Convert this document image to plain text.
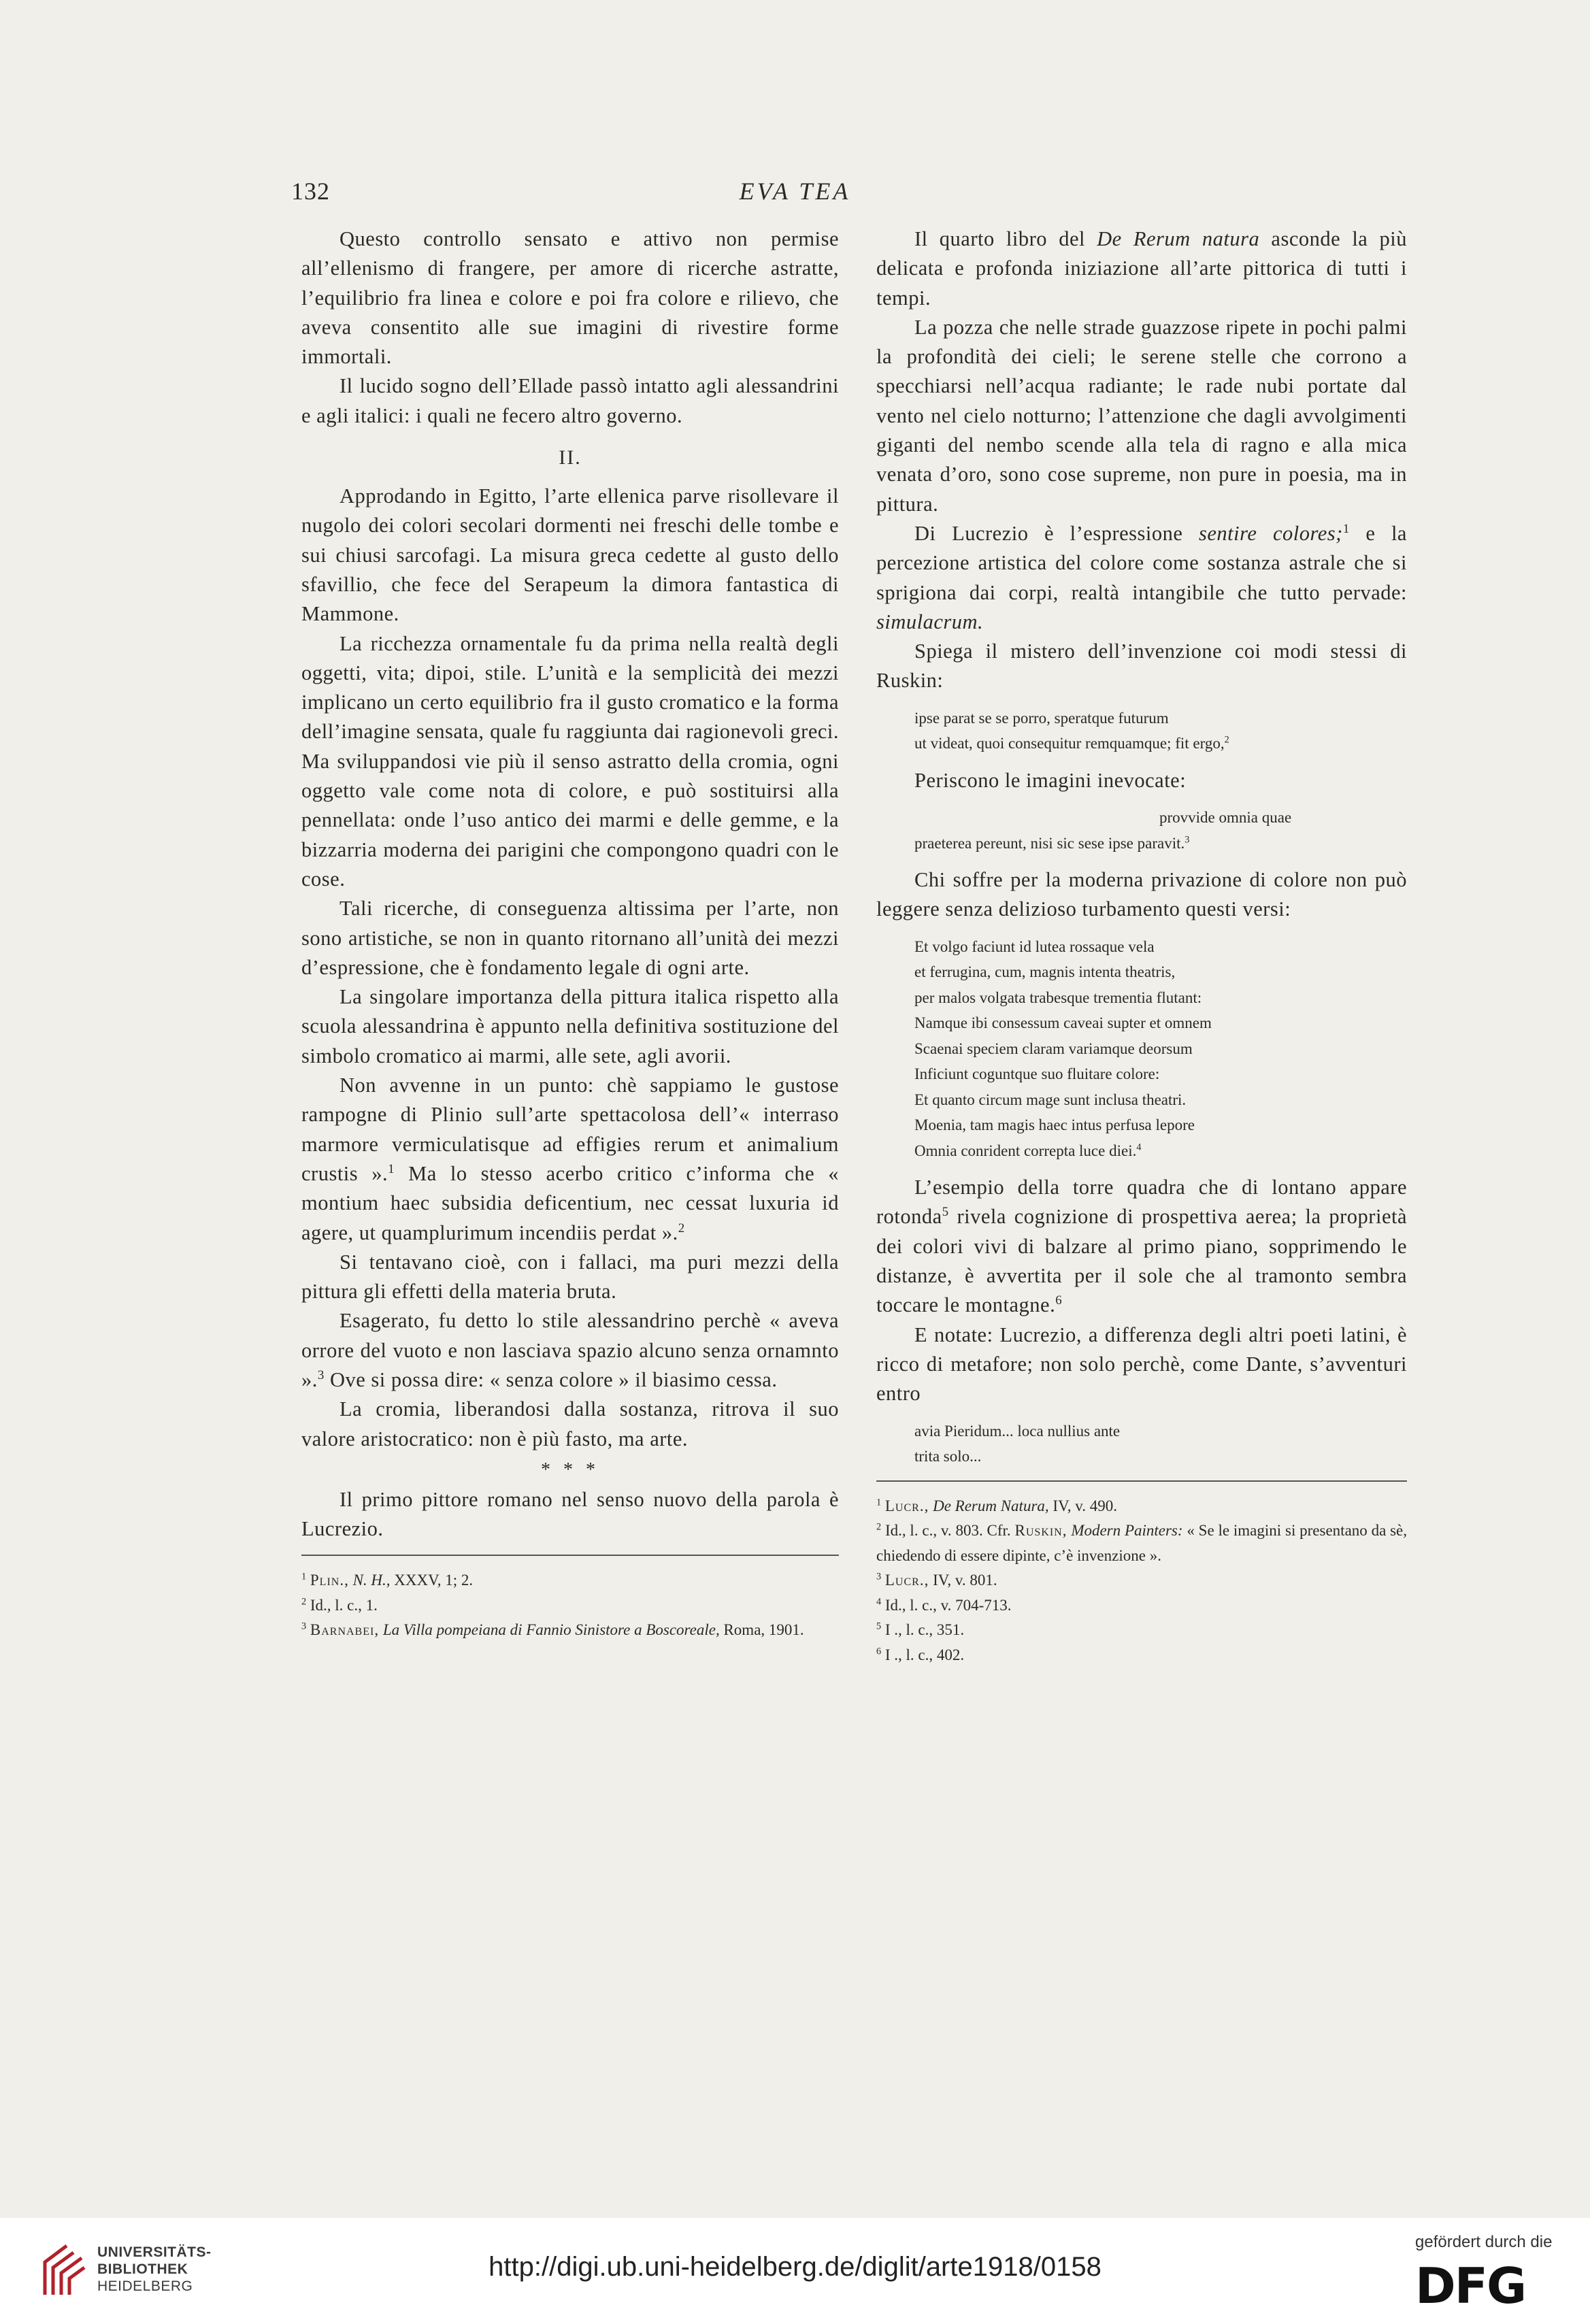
132	EVA TEA

Questo controllo sensato e attivo non permise all’ellenismo di frangere, per amore di ricerche astratte, l’equilibrio fra linea e colore e poi fra colore e rilievo, che aveva consentito alle sue imagini di rivestire forme immortali.

Il lucido sogno dell’Ellade passò intatto agli alessandrini e agli italici: i quali ne fecero altro governo.

II.

Approdando in Egitto, l’arte ellenica parve risollevare il nugolo dei colori secolari dormenti nei freschi delle tombe e sui chiusi sarcofagi. La misura greca cedette al gusto dello sfavillio, che fece del Serapeum la dimora fantastica di Mammone.

La ricchezza ornamentale fu da prima nella realtà degli oggetti, vita; dipoi, stile. L’unità e la semplicità dei mezzi implicano un certo equilibrio fra il gusto cromatico e la forma dell’imagine sensata, quale fu raggiunta dai ragionevoli greci. Ma sviluppandosi vie più il senso astratto della cromia, ogni oggetto vale come nota di colore, e può sostituirsi alla pennellata: onde l’uso antico dei marmi e delle gemme, e la bizzarria moderna dei parigini che compongono quadri con le cose.

Tali ricerche, di conseguenza altissima per l’arte, non sono artistiche, se non in quanto ritornano all’unità dei mezzi d’espressione, che è fondamento legale di ogni arte.

La singolare importanza della pittura italica rispetto alla scuola alessandrina è appunto nella definitiva sostituzione del simbolo cromatico ai marmi, alle sete, agli avorii.

Non avvenne in un punto: chè sappiamo le gustose rampogne di Plinio sull’arte spettacolosa dell’« interraso marmore vermiculatisque ad effigies rerum et animalium crustis ».$^1$ Ma lo stesso acerbo critico c’informa che « montium haec subsidia deficentium, nec cessat luxuria id agere, ut quamplurimum incendiis perdat ».$^2$

Si tentavano cioè, con i fallaci, ma puri mezzi della pittura gli effetti della materia bruta.

Esagerato, fu detto lo stile alessandrino perchè « aveva orrore del vuoto e non lasciava spazio alcuno senza ornamnto ».$^3$ Ove si possa dire: « senza colore » il biasimo cessa.

La cromia, liberandosi dalla sostanza, ritrova il suo valore aristocratico: non è più fasto, ma arte.

* * *

Il primo pittore romano nel senso nuovo della parola è Lucrezio.

$^1$ Plin., N. H., XXXV, 1; 2.
$^2$ Id., l. c., 1.
$^3$ Barnabei, La Villa pompeiana di Fannio Sinistore a Boscoreale, Roma, 1901.

Il quarto libro del De Rerum natura asconde la più delicata e profonda iniziazione all’arte pittorica di tutti i tempi.

La pozza che nelle strade guazzose ripete in pochi palmi la profondità dei cieli; le serene stelle che corrono a specchiarsi nell’acqua radiante; le rade nubi portate dal vento nel cielo notturno; l’attenzione che dagli avvolgimenti giganti del nembo scende alla tela di ragno e alla mica venata d’oro, sono cose supreme, non pure in poesia, ma in pittura.

Di Lucrezio è l’espressione sentire colores;$^1$ e la percezione artistica del colore come sostanza astrale che si sprigiona dai corpi, realtà intangibile che tutto pervade: simulacrum.

Spiega il mistero dell’invenzione coi modi stessi di Ruskin:

ipse parat se se porro, speratque futurum
ut videat, quoi consequitur remquamque; fit ergo,$^2$

Periscono le imagini inevocate:

provvide omnia quae
praeterea pereunt, nisi sic sese ipse paravit.$^3$

Chi soffre per la moderna privazione di colore non può leggere senza delizioso turbamento questi versi:

Et volgo faciunt id lutea rossaque vela
et ferrugina, cum, magnis intenta theatris,
per malos volgata trabesque trementia flutant:
Namque ibi consessum caveai supter et omnem
Scaenai speciem claram variamque deorsum
Inficiunt coguntque suo fluitare colore:
Et quanto circum mage sunt inclusa theatri.
Moenia, tam magis haec intus perfusa lepore
Omnia conrident correpta luce diei.$^4$

L’esempio della torre quadra che di lontano appare rotonda$^5$ rivela cognizione di prospettiva aerea; la proprietà dei colori vivi di balzare al primo piano, sopprimendo le distanze, è avvertita per il sole che al tramonto sembra toccare le montagne.$^6$

E notate: Lucrezio, a differenza degli altri poeti latini, è ricco di metafore; non solo perchè, come Dante, s’avventuri entro

avia Pieridum... loca nullius ante
trita solo...
$^1$ Lucr., De Rerum Natura, IV, v. 490.
$^2$ Id., l. c., v. 803. Cfr. Ruskin, Modern Painters: « Se le imagini si presentano da sè, chiedendo di essere dipinte, c’è invenzione ».
$^3$ Lucr., IV, v. 801.
$^4$ Id., l. c., v. 704-713.
$^5$ I ., l. c., 351.
$^6$ I ., l. c., 402.
UNIVERSITÄTS-
BIBLIOTHEK
HEIDELBERG
http://digi.ub.uni-heidelberg.de/diglit/arte1918/0158
gefördert durch die
DFG
